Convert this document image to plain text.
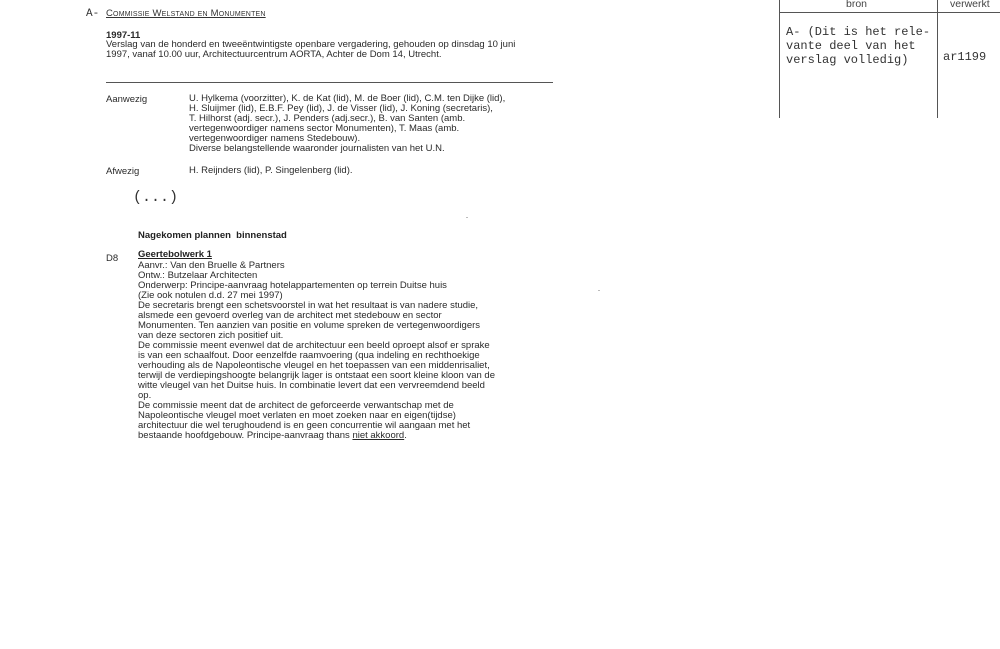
A- Commissie Welstand en Monumenten
1997-11
Verslag van de honderd en tweeëntwintigste openbare vergadering, gehouden op dinsdag 10 juni
1997, vanaf 10.00 uur, Architectuurcentrum AORTA, Achter de Dom 14, Utrecht.
Aanwezig	U. Hylkema (voorzitter), K. de Kat (lid), M. de Boer (lid), C.M. ten Dijke (lid),
H. Sluijmer (lid), E.B.F. Pey (lid), J. de Visser (lid), J. Koning (secretaris),
T. Hilhorst (adj. secr.), J. Penders (adj.secr.), B. van Santen (amb.
vertegenwoordiger namens sector Monumenten), T. Maas (amb.
vertegenwoordiger namens Stedebouw).
Diverse belangstellende waaronder journalisten van het U.N.
Afwezig	H. Reijnders (lid), P. Singelenberg (lid).
(...)
Nagekomen plannen  binnenstad
D8 Geertebolwerk 1
Aanvr.: Van den Bruelle & Partners
Ontw.: Butzelaar Architecten
Onderwerp: Principe-aanvraag hotelappartementen op terrein Duitse huis
(Zie ook notulen d.d. 27 mei 1997)
De secretaris brengt een schetsvoorstel in wat het resultaat is van nadere studie,
alsmede een gevoerd overleg van de architect met stedebouw en sector
Monumenten. Ten aanzien van positie en volume spreken de vertegenwoordigers
van deze sectoren zich positief uit.
De commissie meent evenwel dat de architectuur een beeld oproept alsof er sprake
is van een schaalfout. Door eenzelfde raamvoering (qua indeling en rechthoekige
verhouding als de Napoleontische vleugel en het toepassen van een middenrisaliet,
terwijl de verdiepingshoogte belangrijk lager is ontstaat een soort kleine kloon van de
witte vleugel van het Duitse huis. In combinatie levert dat een vervreemdend beeld
op.
De commissie meent dat de architect de geforceerde verwantschap met de
Napoleontische vleugel moet verlaten en moet zoeken naar en eigen(tijdse)
architectuur die wel terughoudend is en geen concurrentie wil aangaan met het
bestaande hoofdgebouw. Principe-aanvraag thans niet akkoord.
bron	verwerkt
A- (Dit is het rele-
vante deel van het
verslag volledig)	ar1199
